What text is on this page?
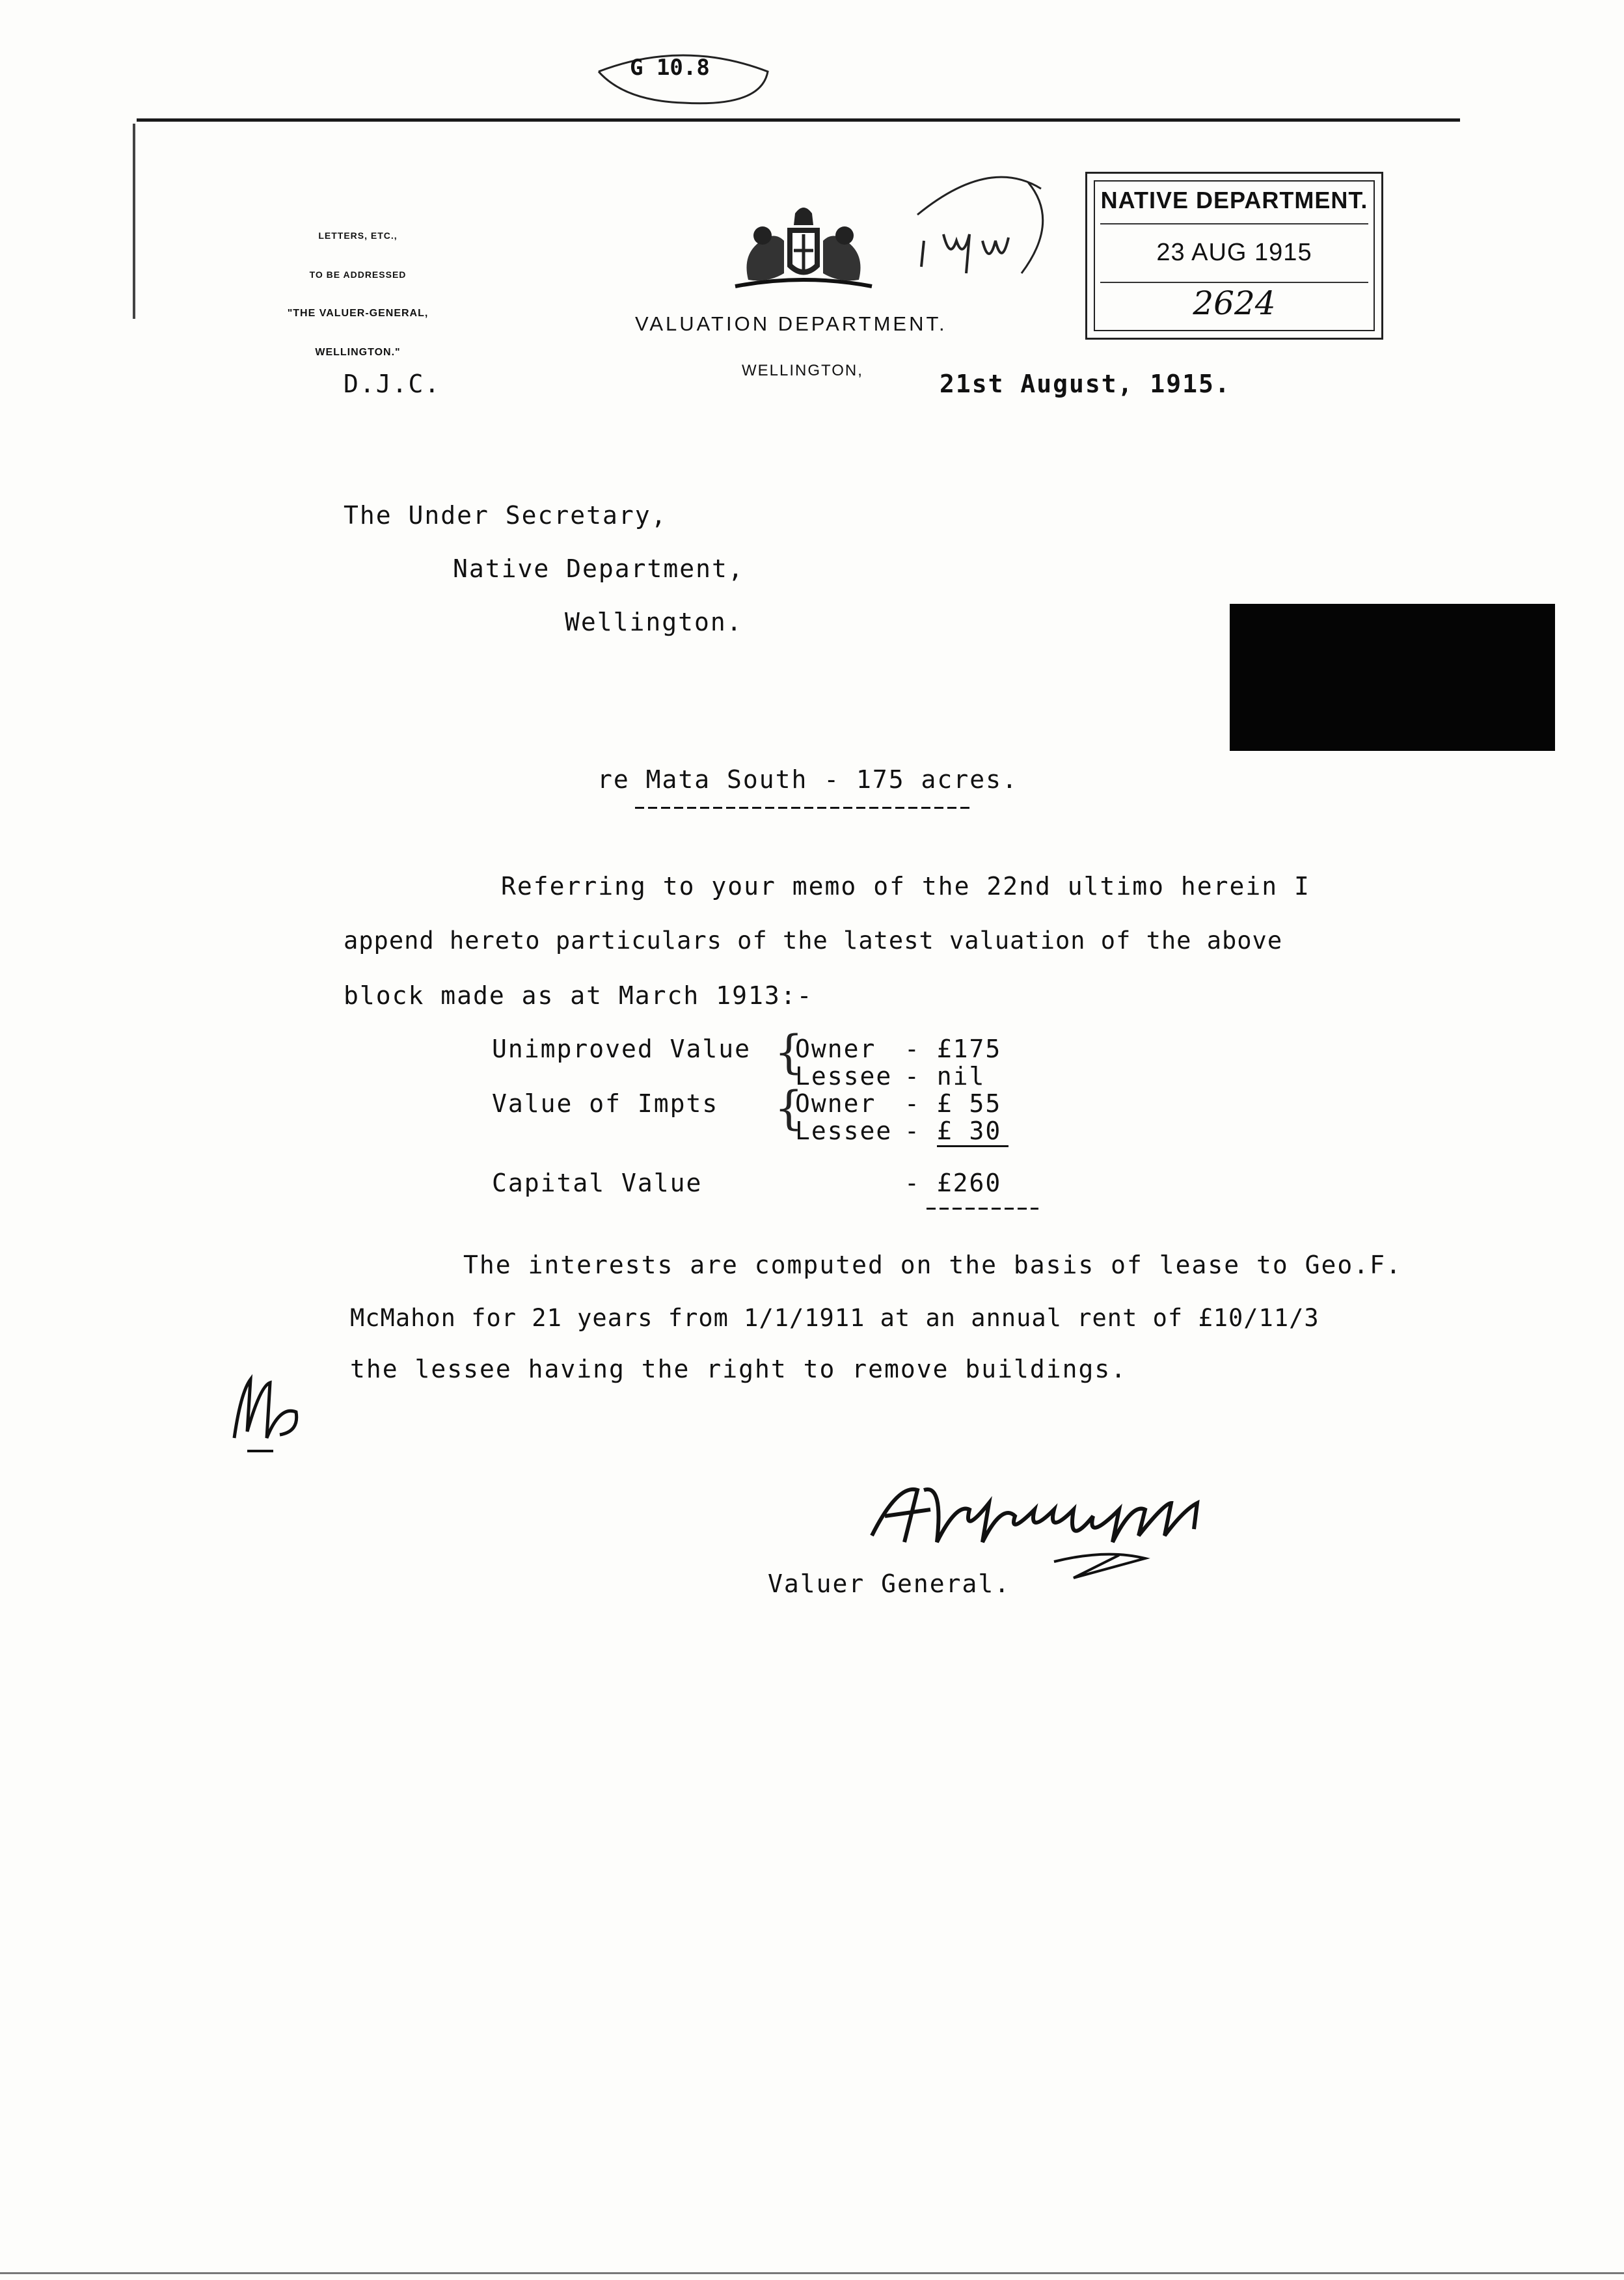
G 10.8

LETTERS, ETC.,

TO BE ADDRESSED

"THE VALUER-GENERAL,

WELLINGTON."

VALUATION DEPARTMENT.
WELLINGTON,
D.J.C.	21st August, 1915.
NATIVE DEPARTMENT.
23 AUG 1915
2624
The Under Secretary,
Native Department,
Wellington.
re Mata South - 175 acres.
Referring to your memo of the 22nd ultimo herein I
append hereto particulars of the latest valuation of the above
block made as at March 1913:-
Unimproved Value {
Owner - £175
Lessee - nil
Value of Impts {
Owner - £ 55
Lessee - £ 30
Capital Value	- £260
The interests are computed on the basis of lease to Geo.F.
McMahon for 21 years from 1/1/1911 at an annual rent of £10/11/3
the lessee having the right to remove buildings.
Valuer General.
